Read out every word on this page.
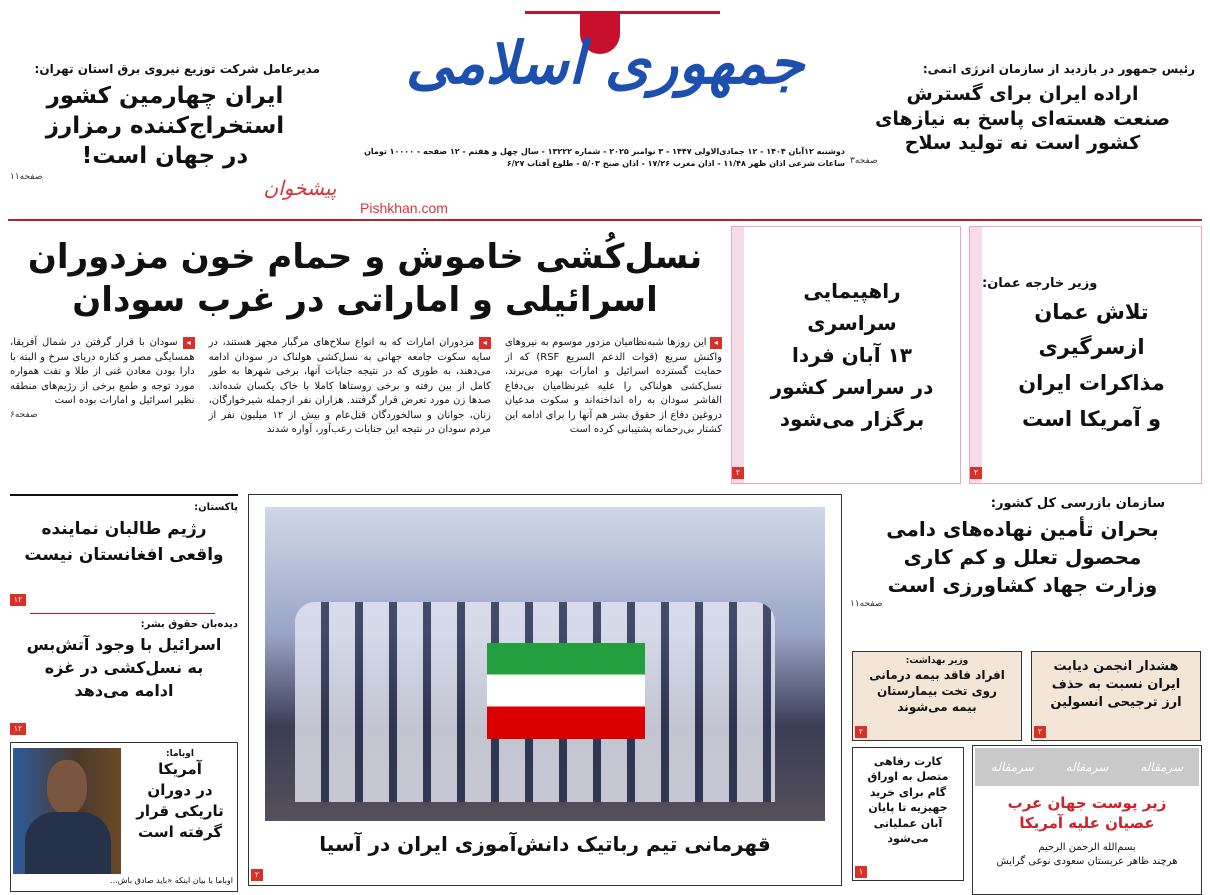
جمهوری اسلامی
دوشنبه ۱۲آبان ۱۴۰۴ - ۱۲ جمادی‌الاولی ۱۴۴۷ - ۳ نوامبر ۲۰۲۵ - شماره ۱۳۲۲۲ - سال چهل و هفتم - ۱۲ صفحه - ۱۰۰۰۰ تومان
ساعات شرعی اذان ظهر ۱۱/۴۸ - اذان مغرب ۱۷/۲۶ - اذان صبح ۵/۰۳ - طلوع آفتاب ۶/۲۷
پیشخوان
Pishkhan.com
مدیرعامل شرکت توزیع نیروی برق استان تهران:
ایران چهارمین کشور
استخراج‌کننده رمزارز
در جهان است!
صفحه۱۱
رئیس جمهور در بازدید از سازمان انرژی اتمی:
اراده ایران برای گسترش
صنعت هسته‌ای پاسخ به نیازهای
کشور است نه تولید سلاح
صفحه۳
نسل‌کُشی خاموش و حمام خون مزدوران
اسرائیلی و اماراتی در غرب سودان
◂ این روزها شبه‌نظامیان مزدور موسوم به نیروهای واکنش سریع (قوات الدعم السریع RSF) که از حمایت گسترده اسرائیل و امارات بهره می‌برند، نسل‌کشی هولناکی را علیه غیرنظامیان بی‌دفاع الفاشر سودان به راه انداخته‌اند و سکوت مدعیان دروغین دفاع از حقوق بشر هم آنها را برای ادامه این کشتار بی‌رحمانه پشتیبانی کرده است
◂ مزدوران امارات که به انواع سلاح‌های مرگبار مجهز هستند، در سایه سکوت جامعه جهانی به نسل‌کشی هولناک در سودان ادامه می‌دهند، به طوری که در نتیجه جنایات آنها، برخی شهرها به طور کامل از بین رفته و برخی روستاها کاملا با خاک یکسان شده‌اند. صدها زن مورد تعرض قرار گرفتند. هزاران نفر ازجمله شیرخوارگان، زنان، جوانان و سالخوردگان قتل‌عام و بیش از ۱۲ میلیون نفر از مردم سودان در نتیجه این جنایات رعب‌آور، آواره شدند
◂ سودان با قرار گرفتن در شمال آفریقا، همسایگی مصر و کناره دریای سرخ و البته با دارا بودن معادن غنی از طلا و نفت همواره مورد توجه و طمع برخی از رژیم‌های منطقه نظیر اسرائیل و امارات بوده است
صفحه۶
راهپیمایی
سراسری
۱۳ آبان فردا
در سراسر کشور
برگزار می‌شود
۲
وزیر خارجه عمان:
تلاش عمان
ازسرگیری
مذاکرات ایران
و آمریکا است
۲
پاکستان:
رژیم طالبان نماینده
واقعی افغانستان نیست
۱۲
دیده‌بان حقوق بشر:
اسرائیل با وجود آتش‌بس
به نسل‌کشی در غزه
ادامه می‌دهد
۱۲
اوباما:
آمریکا
در دوران
تاریکی قرار
گرفته است
اوباما با بیان اینکه «باید صادق باش...
قهرمانی تیم رباتیک دانش‌آموزی ایران در آسیا
۲
سازمان بازرسی کل کشور:
بحران تأمین نهاده‌های دامی
محصول تعلل و کم کاری
وزارت جهاد کشاورزی است
صفحه۱۱
هشدار انجمن دیابت
ایران نسبت به حذف
ارز ترجیحی انسولین
۲
وزیر بهداشت:
افراد فاقد بیمه درمانی
روی تخت بیمارستان
بیمه می‌شوند
۲
کارت رفاهی
متصل به اوراق
گام برای خرید
جهیزیه تا پایان
آبان عملیاتی
می‌شود
۱
سرمقاله
سرمقاله
سرمقاله
زیر پوست جهان عرب
عصیان علیه آمریکا
بسم‌الله الرحمن الرحیم
هرچند ظاهر عربستان سعودی نوعی گرایش
